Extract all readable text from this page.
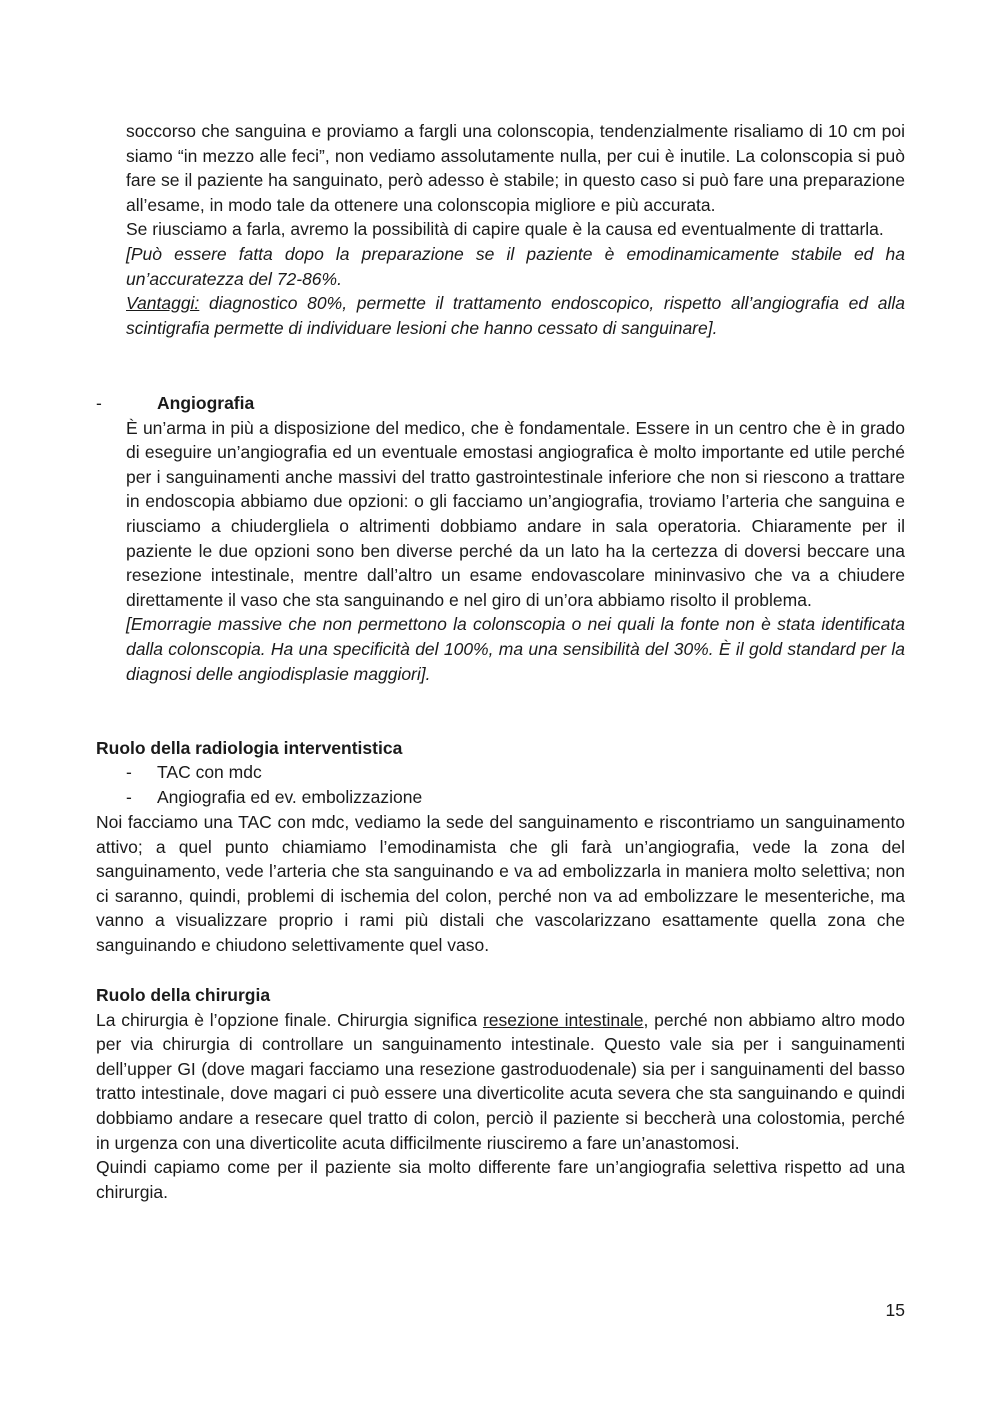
soccorso che sanguina e proviamo a fargli una colonscopia, tendenzialmente risaliamo di 10 cm poi siamo “in mezzo alle feci”, non vediamo assolutamente nulla, per cui è inutile. La colonscopia si può fare se il paziente ha sanguinato, però adesso è stabile; in questo caso si può fare una preparazione all’esame, in modo tale da ottenere una colonscopia migliore e più accurata.

Se riusciamo a farla, avremo la possibilità di capire quale è la causa ed eventualmente di trattarla.

[Può essere fatta dopo la preparazione se il paziente è emodinamicamente stabile ed ha un’accuratezza del 72-86%.

Vantaggi: diagnostico 80%, permette il trattamento endoscopico, rispetto all’angiografia ed alla scintigrafia permette di individuare lesioni che hanno cessato di sanguinare].

-	Angiografia

È un’arma in più a disposizione del medico, che è fondamentale. Essere in un centro che è in grado di eseguire un’angiografia ed un eventuale emostasi angiografica è molto importante ed utile perché per i sanguinamenti anche massivi del tratto gastrointestinale inferiore che non si riescono a trattare in endoscopia abbiamo due opzioni: o gli facciamo un’angiografia, troviamo l’arteria che sanguina e riusciamo a chiudergliela o altrimenti dobbiamo andare in sala operatoria. Chiaramente per il paziente le due opzioni sono ben diverse perché da un lato ha la certezza di doversi beccare una resezione intestinale, mentre dall’altro un esame endovascolare mininvasivo che va a chiudere direttamente il vaso che sta sanguinando e nel giro di un’ora abbiamo risolto il problema.

[Emorragie massive che non permettono la colonscopia o nei quali la fonte non è stata identificata dalla colonscopia. Ha una specificità del 100%, ma una sensibilità del 30%. È il gold standard per la diagnosi delle angiodisplasie maggiori].

Ruolo della radiologia interventistica

- TAC con mdc
- Angiografia ed ev. embolizzazione

Noi facciamo una TAC con mdc, vediamo la sede del sanguinamento e riscontriamo un sanguinamento attivo; a quel punto chiamiamo l’emodinamista che gli farà un’angiografia, vede la zona del sanguinamento, vede l’arteria che sta sanguinando e va ad embolizzarla in maniera molto selettiva; non ci saranno, quindi, problemi di ischemia del colon, perché non va ad embolizzare le mesenteriche, ma vanno a visualizzare proprio i rami più distali che vascolarizzano esattamente quella zona che sanguinando e chiudono selettivamente quel vaso.

Ruolo della chirurgia

La chirurgia è l’opzione finale. Chirurgia significa resezione intestinale, perché non abbiamo altro modo per via chirurgia di controllare un sanguinamento intestinale. Questo vale sia per i sanguinamenti dell’upper GI (dove magari facciamo una resezione gastroduodenale) sia per i sanguinamenti del basso tratto intestinale, dove magari ci può essere una diverticolite acuta severa che sta sanguinando e quindi dobbiamo andare a resecare quel tratto di colon, perciò il paziente si beccherà una colostomia, perché in urgenza con una diverticolite acuta difficilmente riusciremo a fare un’anastomosi.

Quindi capiamo come per il paziente sia molto differente fare un’angiografia selettiva rispetto ad una chirurgia.

15
